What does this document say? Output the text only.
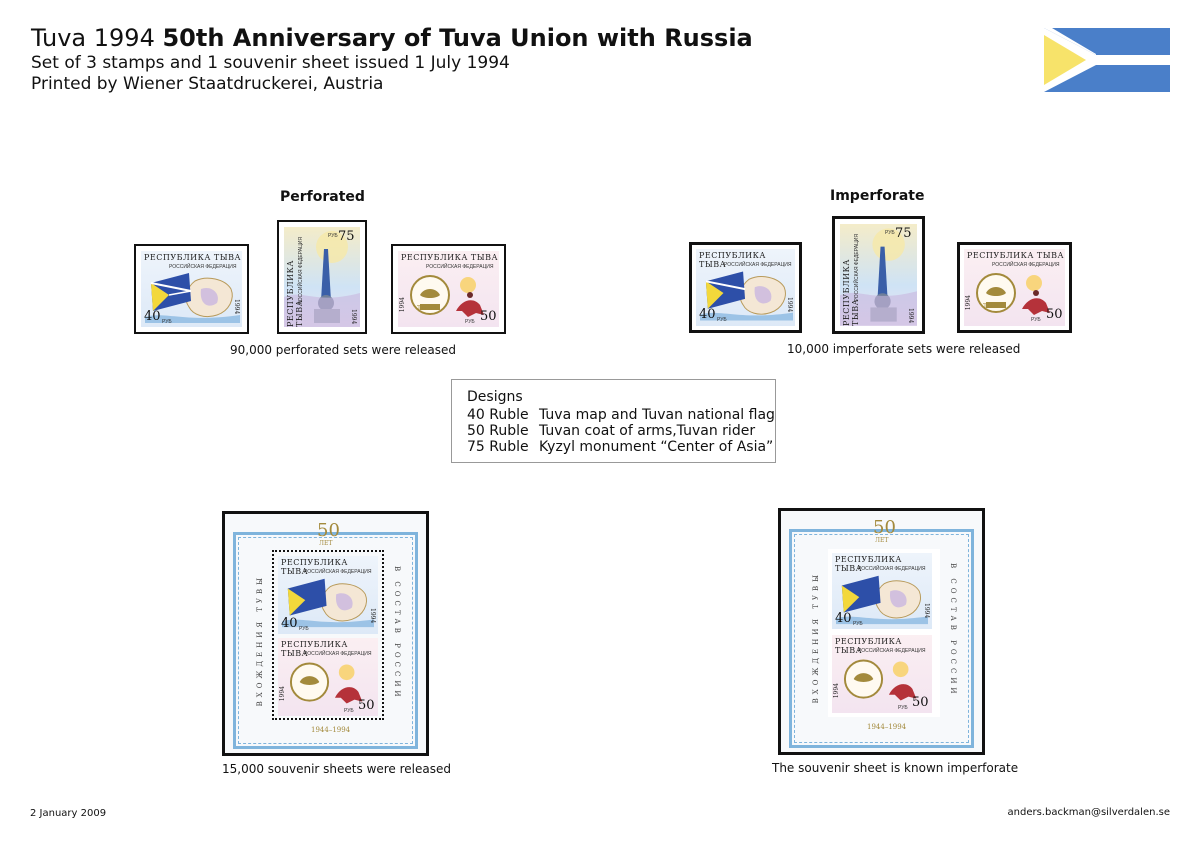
Tuva 1994 50th Anniversary of Tuva Union with Russia
Set of 3 stamps and 1 souvenir sheet issued 1 July 1994
Printed by Wiener Staatdruckerei, Austria
Perforated	Imperforate
РЕСПУБЛИКА ТЫВА
РОССИЙСКАЯ ФЕДЕРАЦИЯ
40 РУБ
1994	РЕСПУБЛИКА ТЫВА
РОССИЙСКАЯ ФЕДЕРАЦИЯ
75
РУБ
1994
РЕСПУБЛИКА ТЫВА
РОССИЙСКАЯ ФЕДЕРАЦИЯ
ТЫВА
1994
РУБ 50
90,000 perforated sets were released
РЕСПУБЛИКА ТЫВА
РОССИЙСКАЯ ФЕДЕРАЦИЯ
40 РУБ
1994	РЕСПУБЛИКА ТЫВА
РОССИЙСКАЯ ФЕДЕРАЦИЯ
75
РУБ
1994
РЕСПУБЛИКА ТЫВА
РОССИЙСКАЯ ФЕДЕРАЦИЯ
ТЫВА
1994
РУБ 50
10,000 imperforate sets were released
Designs
40 Ruble Tuva map and Tuvan national flag
50 Ruble Tuvan coat of arms,Tuvan rider
75 Ruble Kyzyl monument “Center of Asia”
50
ЛЕТ
ВХОЖДЕНИЯ ТУВЫ	В СОСТАВ РОССИИ
РЕСПУБЛИКА ТЫВА
РОССИЙСКАЯ ФЕДЕРАЦИЯ
40 РУБ
1994
РЕСПУБЛИКА ТЫВА
РОССИЙСКАЯ ФЕДЕРАЦИЯ
1994
РУБ 50
1944–1994
15,000 souvenir sheets were released
50
ЛЕТ
ВХОЖДЕНИЯ ТУВЫ	В СОСТАВ РОССИИ
РЕСПУБЛИКА ТЫВА
РОССИЙСКАЯ ФЕДЕРАЦИЯ
40 РУБ
1994
РЕСПУБЛИКА ТЫВА
РОССИЙСКАЯ ФЕДЕРАЦИЯ
1994
РУБ 50
1944–1994
The souvenir sheet is known imperforate
2 January 2009	anders.backman@silverdalen.se
